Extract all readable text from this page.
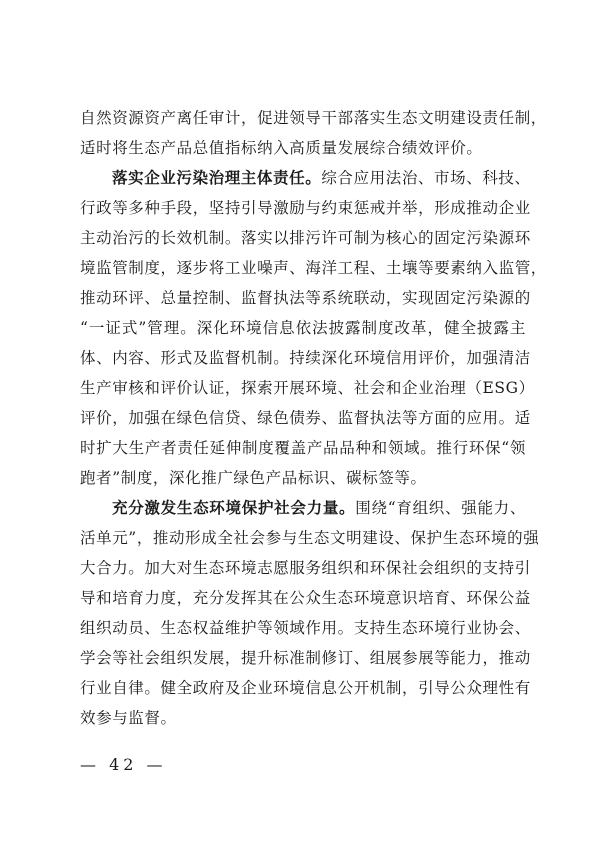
自然资源资产离任审计，促进领导干部落实生态文明建设责任制，

适时将生态产品总值指标纳入高质量发展综合绩效评价。

落实企业污染治理主体责任。综合应用法治、市场、科技、

行政等多种手段，坚持引导激励与约束惩戒并举，形成推动企业

主动治污的长效机制。落实以排污许可制为核心的固定污染源环

境监管制度，逐步将工业噪声、海洋工程、土壤等要素纳入监管，

推动环评、总量控制、监督执法等系统联动，实现固定污染源的

“一证式”管理。深化环境信息依法披露制度改革，健全披露主

体、内容、形式及监督机制。持续深化环境信用评价，加强清洁

生产审核和评价认证，探索开展环境、社会和企业治理（ESG）

评价，加强在绿色信贷、绿色债券、监督执法等方面的应用。适

时扩大生产者责任延伸制度覆盖产品品种和领域。推行环保“领

跑者”制度，深化推广绿色产品标识、碳标签等。

充分激发生态环境保护社会力量。围绕“育组织、强能力、

活单元”，推动形成全社会参与生态文明建设、保护生态环境的强

大合力。加大对生态环境志愿服务组织和环保社会组织的支持引

导和培育力度，充分发挥其在公众生态环境意识培育、环保公益

组织动员、生态权益维护等领域作用。支持生态环境行业协会、

学会等社会组织发展，提升标准制修订、组展参展等能力，推动

行业自律。健全政府及企业环境信息公开机制，引导公众理性有

效参与监督。

— 42 —
